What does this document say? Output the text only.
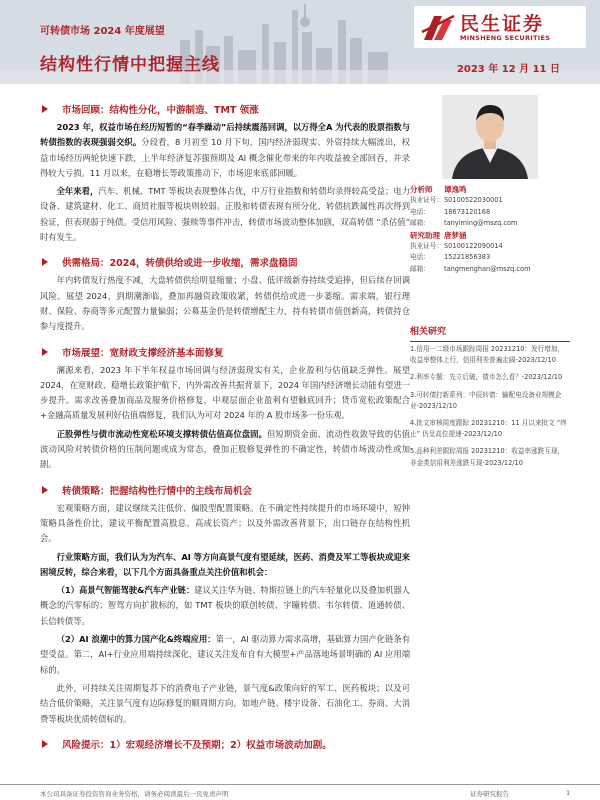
可转债市场 2024 年度展望
结构性行情中把握主线	2023 年 12 月 11 日
民生证券
MINSHENG SECURITIES
市场回顾：结构性分化，中游制造、TMT 领涨
2023 年，权益市场在经历短暂的“春季躁动”后持续震荡回调，以万得全A 为代表的股票指数与转债指数的表现强弱交织。分段看，8 月初至 10 月下旬，国内经济弱现实、外资持续大幅流出，权益市场经历两轮快速下跌，上半年经济复苏强预期及 AI 概念催化带来的年内收益被全部回吞，并录得较大亏损。11 月以来，在稳增长等政策推动下，市场迎来底部回暖。
全年来看，汽车、机械、TMT 等板块表现整体占优，中万行业指数和转债均录得较高受益；电力设备、建筑建材、化工、商贸社服等板块则较弱。正股和转债表现有所分化，转债抗跌属性再次得到验证，但表现弱于纯债。受信用风险、强赎等事件冲击，转债市场波动整体加剧，双高转债 “杀估值” 时有发生。
供需格局：2024，转债供给或进一步收缩，需求盘稳固
年内转债发行热度不减，大盘转债供给明显缩量；小盘、低评级新券持续受追捧，但后续存回调风险。展望 2024，到期潮渐临，叠加再融资政策收紧，转债供给或进一步萎缩。需求端，银行理财、保险、券商等多元配置力量偏弱；公募基金仍是转债增配主力，持有转债市值创新高，转债持仓参与度提升。
市场展望：宽财政支撑经济基本面修复
澜源来看，2023 年下半年权益市场回调与经济弱现实有关，企业盈利与估值缺乏弹性。展望 2024，在宽财政、稳增长政策护航下，内外需改善共振背景下，2024 年国内经济增长动能有望进一步提升。需求改善叠加商品及服务价格修复，中观层面企业盈利有望触底回升；货币宽松政策配合+金融高质量发展利好估值端修复，我们认为可对 2024 年的 A 股市场多一份乐观。
正股弹性与债市流动性宽松环境支撑转债估值高位盘固。但短期资金面、流动性收敛导致的估值波动风险对转债价格的压制问题或成为常态，叠加正股修复弹性的不确定性，转债市场波动性或加剧。
转债策略：把握结构性行情中的主线布局机会
宏观策略方面，建议继续关注低价、偏股型配置策略。在不确定性持续提升的市场环境中，短钟策略具备性价比，建议平衡配置高股息、高成长资产；以及外需改善背景下，出口链存在结构性机会。
行业策略方面，我们认为为汽车、AI 等方向高景气度有望延续，医药、消费及军工等板块或迎来困境反转，综合来看，以下几个方面具备重点关注价值和机会：
（1）高景气智能驾驶&汽车产业链：建议关注华为链、特斯拉链上的汽车轻量化以及叠加机器人概念的汽零标的；智驾方向扩散标的，如 TMT 板块的联创转债、宇瞳转债、韦尔转债、道通转债、长信转债等。
（2）AI 浪潮中的算力国产化&终端应用：第一，AI 驱动算力需求高增，基础算力国产化链条有望受益。第二，AI+行业应用端持续深化，建议关注发布自有大模型+产品落地场景明确的 AI 应用端标的。
此外，可持续关注周期复苏下的消费电子产业链，景气度&政策向好的军工、医药板块；以及可结合低价策略，关注景气度有边际修复的顺周期方向，如地产链、楼宇设备、石油化工、券商、大消费等板块优质转债标的。
风险提示：1）宏观经济增长不及预期；2）权益市场波动加剧。
分析师	谭逸鸣
执业证号： S0100522030001
电话：	18673120168
邮箱：	tanyiming@mszq.com
研究助理 唐梦涵
执业证号： S0100122090014
电话：	15221856383
邮箱：	tangmenghan@mszq.com
相关研究
1.信用一二级市场跟踪周报 20231210：发行增加，收益率整体上行，信用利差普遍走阔-2023/12/10
2.利率专题：先立后破，债市怎么看？-2023/12/10
3.可转债打新系列：中辰转债：输配电设备业规模企业-2023/12/10
4.批文审核周度跟踪 20231210：11 月以来批文 “终止” 仍呈高位提速-2023/12/10
5.品种利差跟踪周报 20231210：收益率涨跌互现，非金类信用利差涨跌互现-2023/12/10
本公司具备证券投资咨询业务资格，请务必阅读最后一页免责声明	证券研究报告	1
